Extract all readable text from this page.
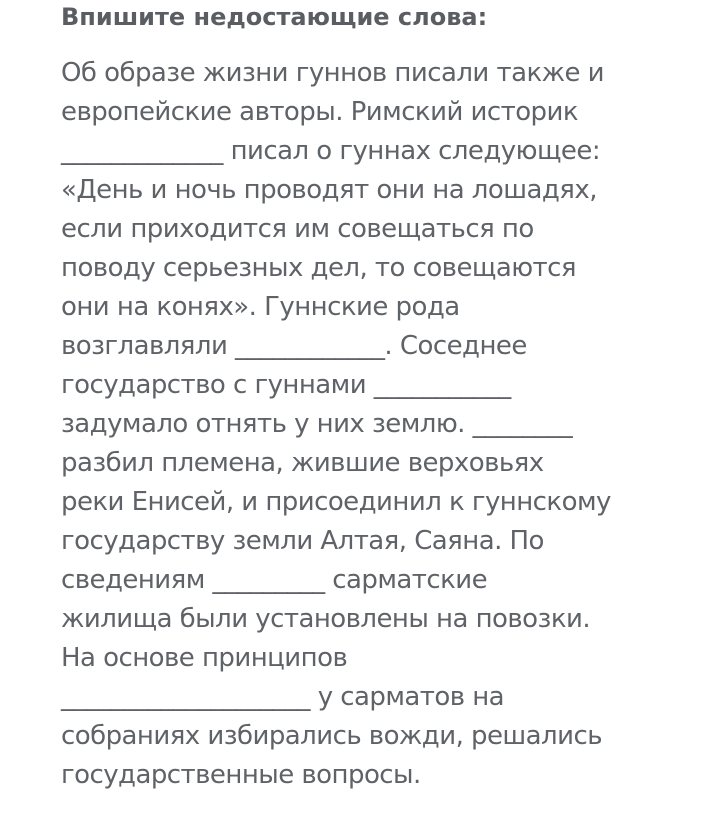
Впишите недостающие слова:
Об образе жизни гуннов писали также и
европейские авторы. Римский историк
_____________ писал о гуннах следующее:
«День и ночь проводят они на лошадях,
если приходится им совещаться по
поводу серьезных дел, то совещаются
они на конях». Гуннские рода
возглавляли ____________. Соседнее
государство с гуннами ___________
задумало отнять у них землю. ________
разбил племена, жившие верховьях
реки Енисей, и присоединил к гуннскому
государству земли Алтая, Саяна. По
сведениям _________ сарматские
жилища были установлены на повозки.
На основе принципов
____________________ у сарматов на
собраниях избирались вожди, решались
государственные вопросы.
